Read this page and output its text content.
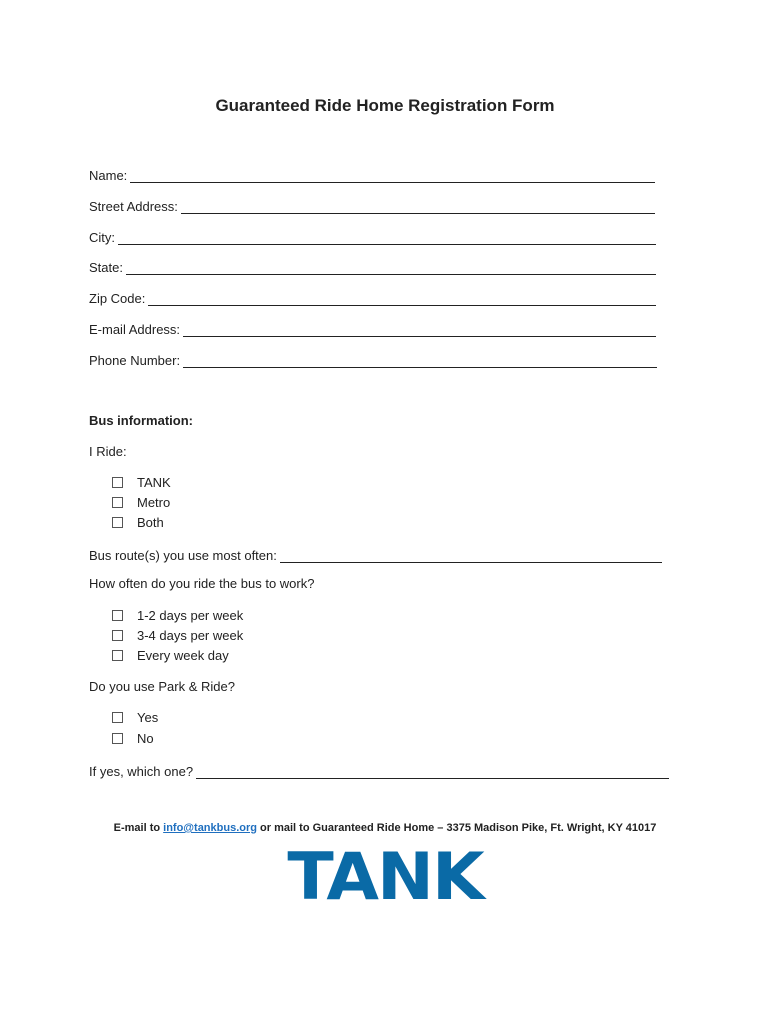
Guaranteed Ride Home Registration Form
Name:
Street Address:
City:
State:
Zip Code:
E-mail Address:
Phone Number:
Bus information:
I Ride:
TANK
Metro
Both
Bus route(s) you use most often:
How often do you ride the bus to work?
1-2 days per week
3-4 days per week
Every week day
Do you use Park & Ride?
Yes
No
If yes, which one?
E-mail to info@tankbus.org or mail to Guaranteed Ride Home – 3375 Madison Pike, Ft. Wright, KY 41017
TANK
